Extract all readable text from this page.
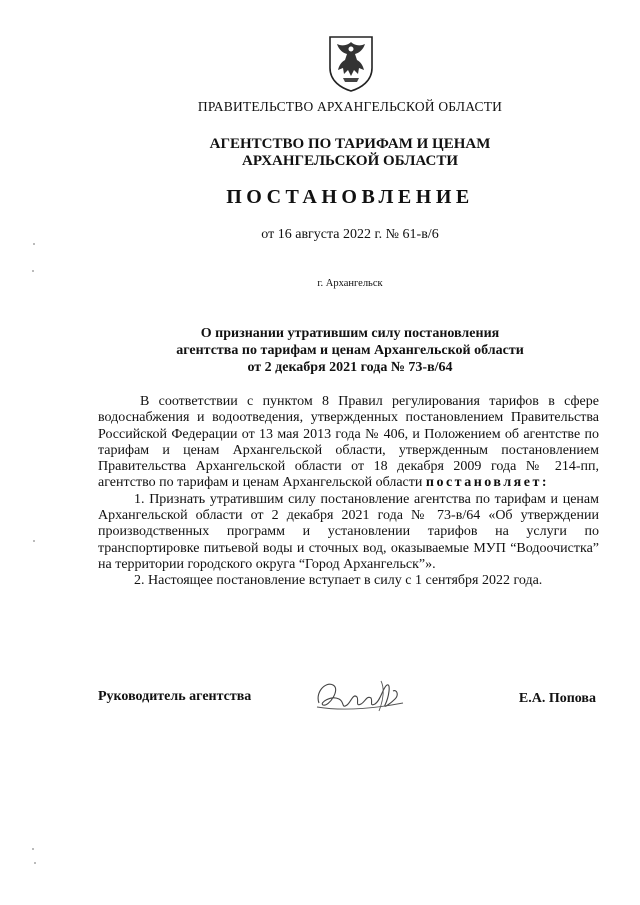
ПРАВИТЕЛЬСТВО АРХАНГЕЛЬСКОЙ ОБЛАСТИ
АГЕНТСТВО ПО ТАРИФАМ И ЦЕНАМ
АРХАНГЕЛЬСКОЙ ОБЛАСТИ
ПОСТАНОВЛЕНИЕ
от 16 августа 2022 г. № 61-в/6
г. Архангельск
О признании утратившим силу постановления
агентства по тарифам и ценам Архангельской области
от 2 декабря 2021 года № 73-в/64

В соответствии с пунктом 8 Правил регулирования тарифов в сфере водоснабжения и водоотведения, утвержденных постановлением Правительства Российской Федерации от 13 мая 2013 года № 406, и Положением об агентстве по тарифам и ценам Архангельской области, утвержденным постановлением Правительства Архангельской области от 18 декабря 2009 года № 214-пп, агентство по тарифам и ценам Архангельской области постановляет:

1. Признать утратившим силу постановление агентства по тарифам и ценам Архангельской области от 2 декабря 2021 года № 73-в/64 «Об утверждении производственных программ и установлении тарифов на услуги по транспортировке питьевой воды и сточных вод, оказываемые МУП “Водоочистка” на территории городского округа “Город Архангельск”».

2. Настоящее постановление вступает в силу с 1 сентября 2022 года.

Руководитель агентства	Е.А. Попова
